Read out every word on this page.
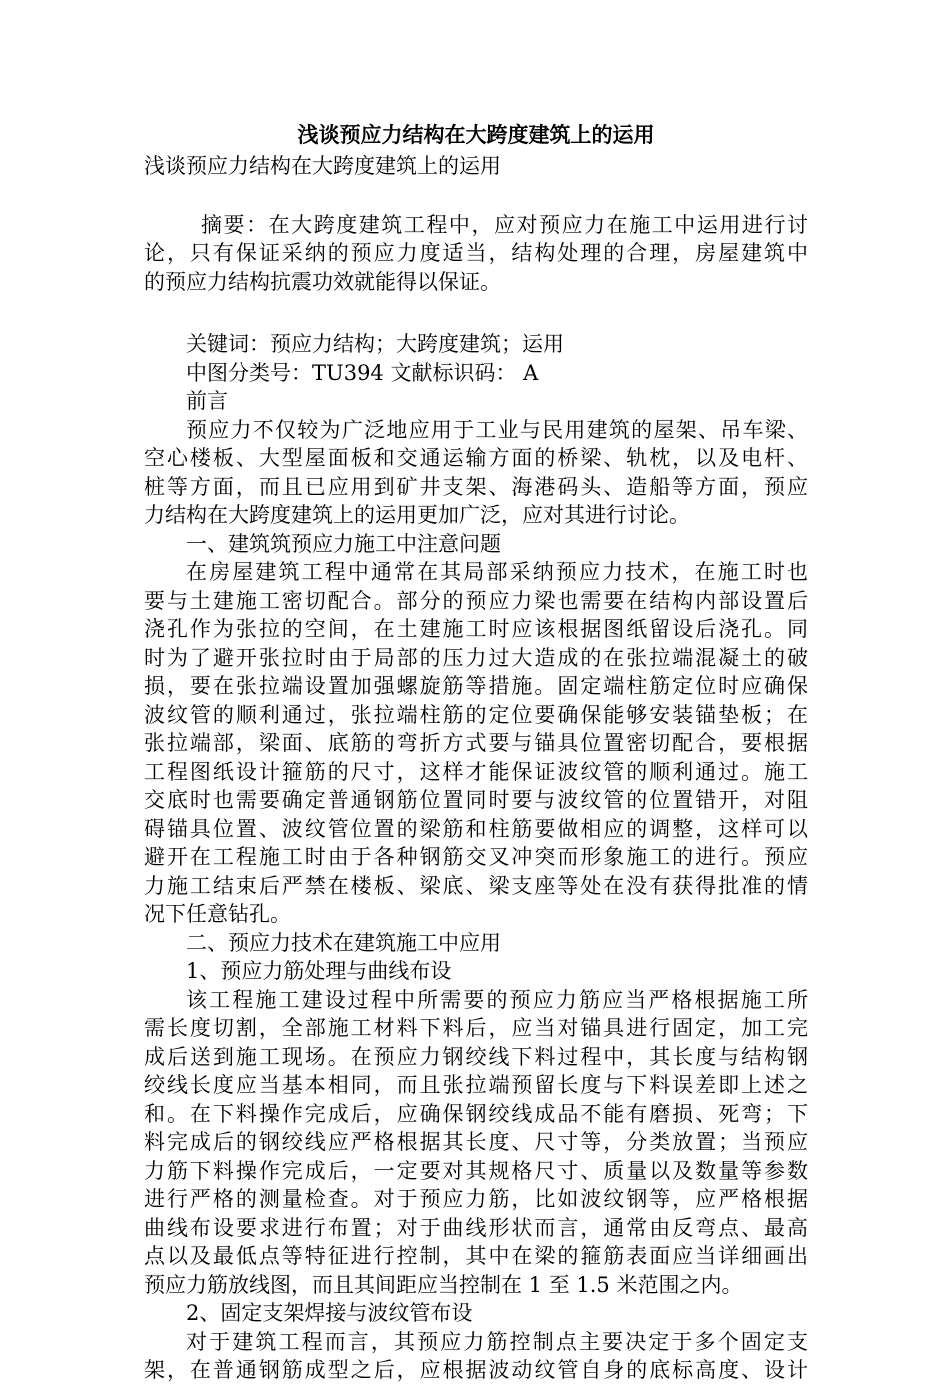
浅谈预应力结构在大跨度建筑上的运用

浅谈预应力结构在大跨度建筑上的运用

摘要：在大跨度建筑工程中，应对预应力在施工中运用进行讨
论，只有保证采纳的预应力度适当，结构处理的合理，房屋建筑中
的预应力结构抗震功效就能得以保证。

关键词：预应力结构；大跨度建筑；运用

中图分类号：TU394 文献标识码： A

前言

预应力不仅较为广泛地应用于工业与民用建筑的屋架、吊车梁、
空心楼板、大型屋面板和交通运输方面的桥梁、轨枕，以及电杆、
桩等方面，而且已应用到矿井支架、海港码头、造船等方面，预应
力结构在大跨度建筑上的运用更加广泛，应对其进行讨论。

一、建筑筑预应力施工中注意问题

在房屋建筑工程中通常在其局部采纳预应力技术，在施工时也
要与土建施工密切配合。部分的预应力梁也需要在结构内部设置后
浇孔作为张拉的空间，在土建施工时应该根据图纸留设后浇孔。同
时为了避开张拉时由于局部的压力过大造成的在张拉端混凝土的破
损，要在张拉端设置加强螺旋筋等措施。固定端柱筋定位时应确保
波纹管的顺利通过，张拉端柱筋的定位要确保能够安装锚垫板；在
张拉端部，梁面、底筋的弯折方式要与锚具位置密切配合，要根据
工程图纸设计箍筋的尺寸，这样才能保证波纹管的顺利通过。施工
交底时也需要确定普通钢筋位置同时要与波纹管的位置错开，对阻
碍锚具位置、波纹管位置的梁筋和柱筋要做相应的调整，这样可以
避开在工程施工时由于各种钢筋交叉冲突而形象施工的进行。预应
力施工结束后严禁在楼板、梁底、梁支座等处在没有获得批准的情
况下任意钻孔。

二、预应力技术在建筑施工中应用

1、预应力筋处理与曲线布设

该工程施工建设过程中所需要的预应力筋应当严格根据施工所
需长度切割，全部施工材料下料后，应当对锚具进行固定，加工完
成后送到施工现场。在预应力钢绞线下料过程中，其长度与结构钢
绞线长度应当基本相同，而且张拉端预留长度与下料误差即上述之
和。在下料操作完成后，应确保钢绞线成品不能有磨损、死弯；下
料完成后的钢绞线应严格根据其长度、尺寸等，分类放置；当预应
力筋下料操作完成后，一定要对其规格尺寸、质量以及数量等参数
进行严格的测量检查。对于预应力筋，比如波纹钢等，应严格根据
曲线布设要求进行布置；对于曲线形状而言，通常由反弯点、最高
点以及最低点等特征进行控制，其中在梁的箍筋表面应当详细画出
预应力筋放线图，而且其间距应当控制在 1 至 1.5 米范围之内。

2、固定支架焊接与波纹管布设

对于建筑工程而言，其预应力筋控制点主要决定于多个固定支
架，在普通钢筋成型之后，应根据波动纹管自身的底标高度、设计
